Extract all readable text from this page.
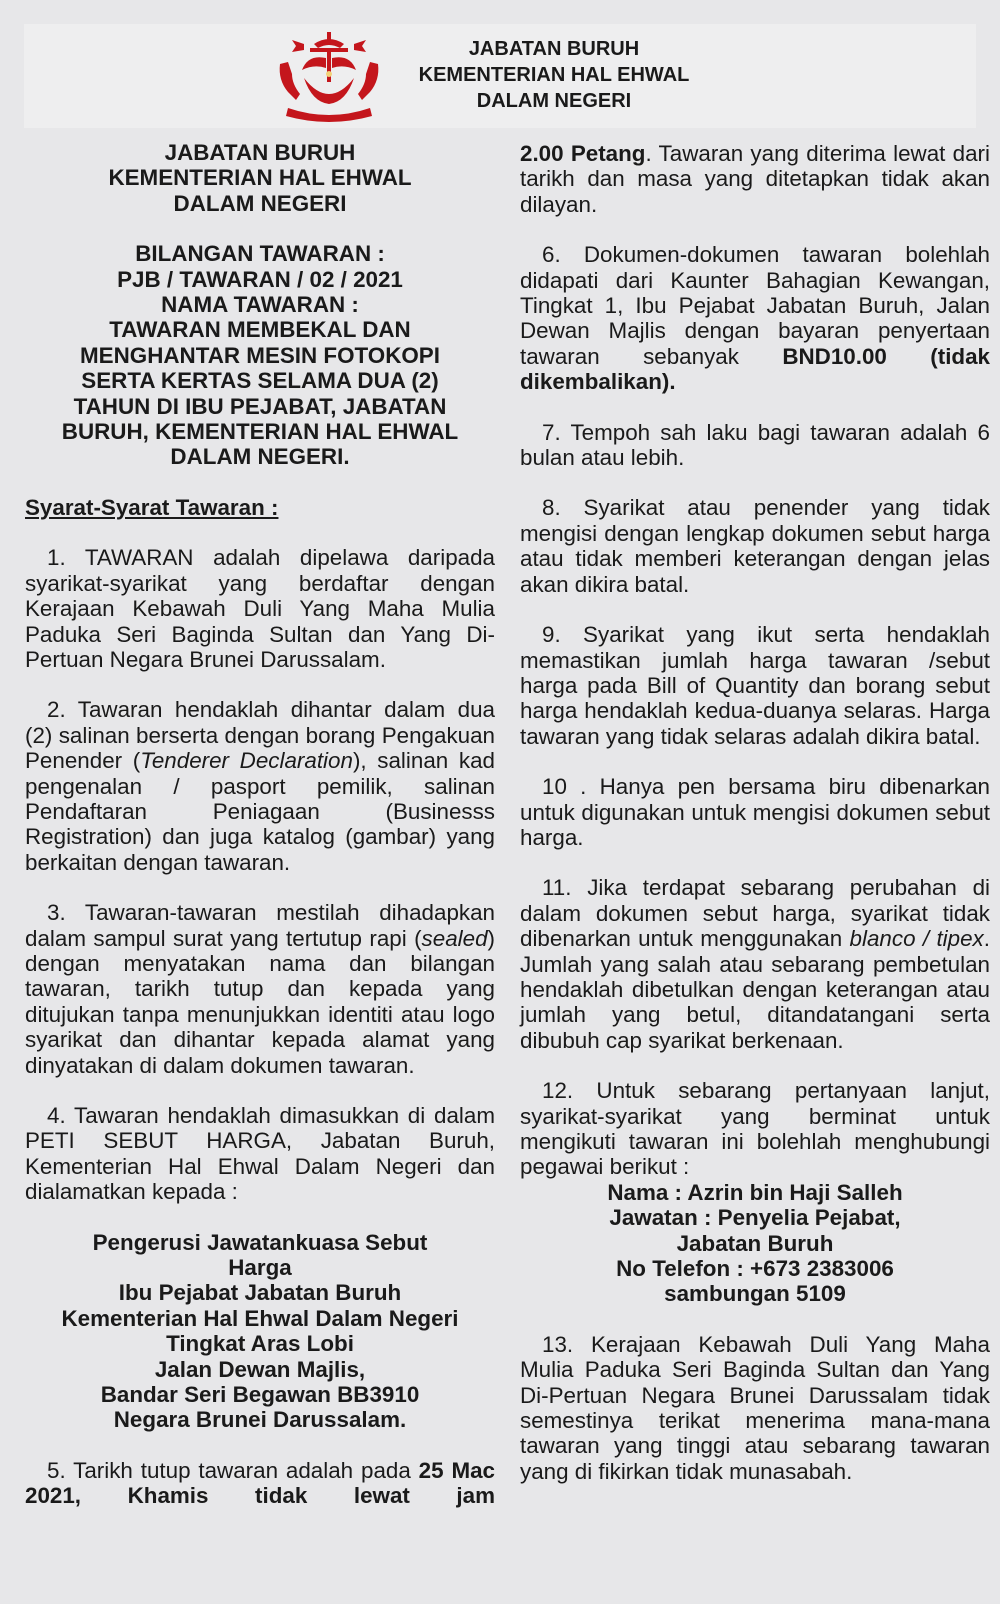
JABATAN BURUH
KEMENTERIAN HAL EHWAL
DALAM NEGERI
JABATAN BURUH
KEMENTERIAN HAL EHWAL
DALAM NEGERI
BILANGAN TAWARAN :
PJB / TAWARAN / 02 / 2021
NAMA TAWARAN :
TAWARAN MEMBEKAL DAN
MENGHANTAR MESIN FOTOKOPI
SERTA KERTAS SELAMA DUA (2)
TAHUN DI IBU PEJABAT, JABATAN
BURUH, KEMENTERIAN HAL EHWAL
DALAM NEGERI.

Syarat-Syarat Tawaran :

1. TAWARAN adalah dipelawa daripada syarikat-syarikat yang berdaftar dengan Kerajaan Kebawah Duli Yang Maha Mulia Paduka Seri Baginda Sultan dan Yang Di-Pertuan Negara Brunei Darussalam.

2. Tawaran hendaklah dihantar dalam dua (2) salinan berserta dengan borang Pengakuan Penender (Tenderer Declaration), salinan kad pengenalan / pasport pemilik, salinan Pendaftaran Peniagaan (Businesss Registration) dan juga katalog (gambar) yang berkaitan dengan tawaran.

3. Tawaran-tawaran mestilah dihadapkan dalam sampul surat yang tertutup rapi (sealed) dengan menyatakan nama dan bilangan tawaran, tarikh tutup dan kepada yang ditujukan tanpa menunjukkan identiti atau logo syarikat dan dihantar kepada alamat yang dinyatakan di dalam dokumen tawaran.

4. Tawaran hendaklah dimasukkan di dalam PETI SEBUT HARGA, Jabatan Buruh, Kementerian Hal Ehwal Dalam Negeri dan dialamatkan kepada :

Pengerusi Jawatankuasa Sebut
Harga
Ibu Pejabat Jabatan Buruh
Kementerian Hal Ehwal Dalam Negeri
Tingkat Aras Lobi
Jalan Dewan Majlis,
Bandar Seri Begawan BB3910
Negara Brunei Darussalam.

5. Tarikh tutup tawaran adalah pada 25 Mac 2021, Khamis tidak lewat jam

2.00 Petang. Tawaran yang diterima lewat dari tarikh dan masa yang ditetapkan tidak akan dilayan.

6. Dokumen-dokumen tawaran bolehlah didapati dari Kaunter Bahagian Kewangan, Tingkat 1, Ibu Pejabat Jabatan Buruh, Jalan Dewan Majlis dengan bayaran penyertaan tawaran sebanyak BND10.00 (tidak dikembalikan).

7. Tempoh sah laku bagi tawaran adalah 6 bulan atau lebih.

8. Syarikat atau penender yang tidak mengisi dengan lengkap dokumen sebut harga atau tidak memberi keterangan dengan jelas akan dikira batal.

9. Syarikat yang ikut serta hendaklah memastikan jumlah harga tawaran /sebut harga pada Bill of Quantity dan borang sebut harga hendaklah kedua-duanya selaras. Harga tawaran yang tidak selaras adalah dikira batal.

10 . Hanya pen bersama biru dibenarkan untuk digunakan untuk mengisi dokumen sebut harga.

11. Jika terdapat sebarang perubahan di dalam dokumen sebut harga, syarikat tidak dibenarkan untuk menggunakan blanco / tipex. Jumlah yang salah atau sebarang pembetulan hendaklah dibetulkan dengan keterangan atau jumlah yang betul, ditandatangani serta dibubuh cap syarikat berkenaan.

12. Untuk sebarang pertanyaan lanjut, syarikat-syarikat yang berminat untuk mengikuti tawaran ini bolehlah menghubungi pegawai berikut :

Nama : Azrin bin Haji Salleh
Jawatan : Penyelia Pejabat,
Jabatan Buruh
No Telefon : +673 2383006
sambungan 5109

13. Kerajaan Kebawah Duli Yang Maha Mulia Paduka Seri Baginda Sultan dan Yang Di-Pertuan Negara Brunei Darussalam tidak semestinya terikat menerima mana-mana tawaran yang tinggi atau sebarang tawaran yang di fikirkan tidak munasabah.
